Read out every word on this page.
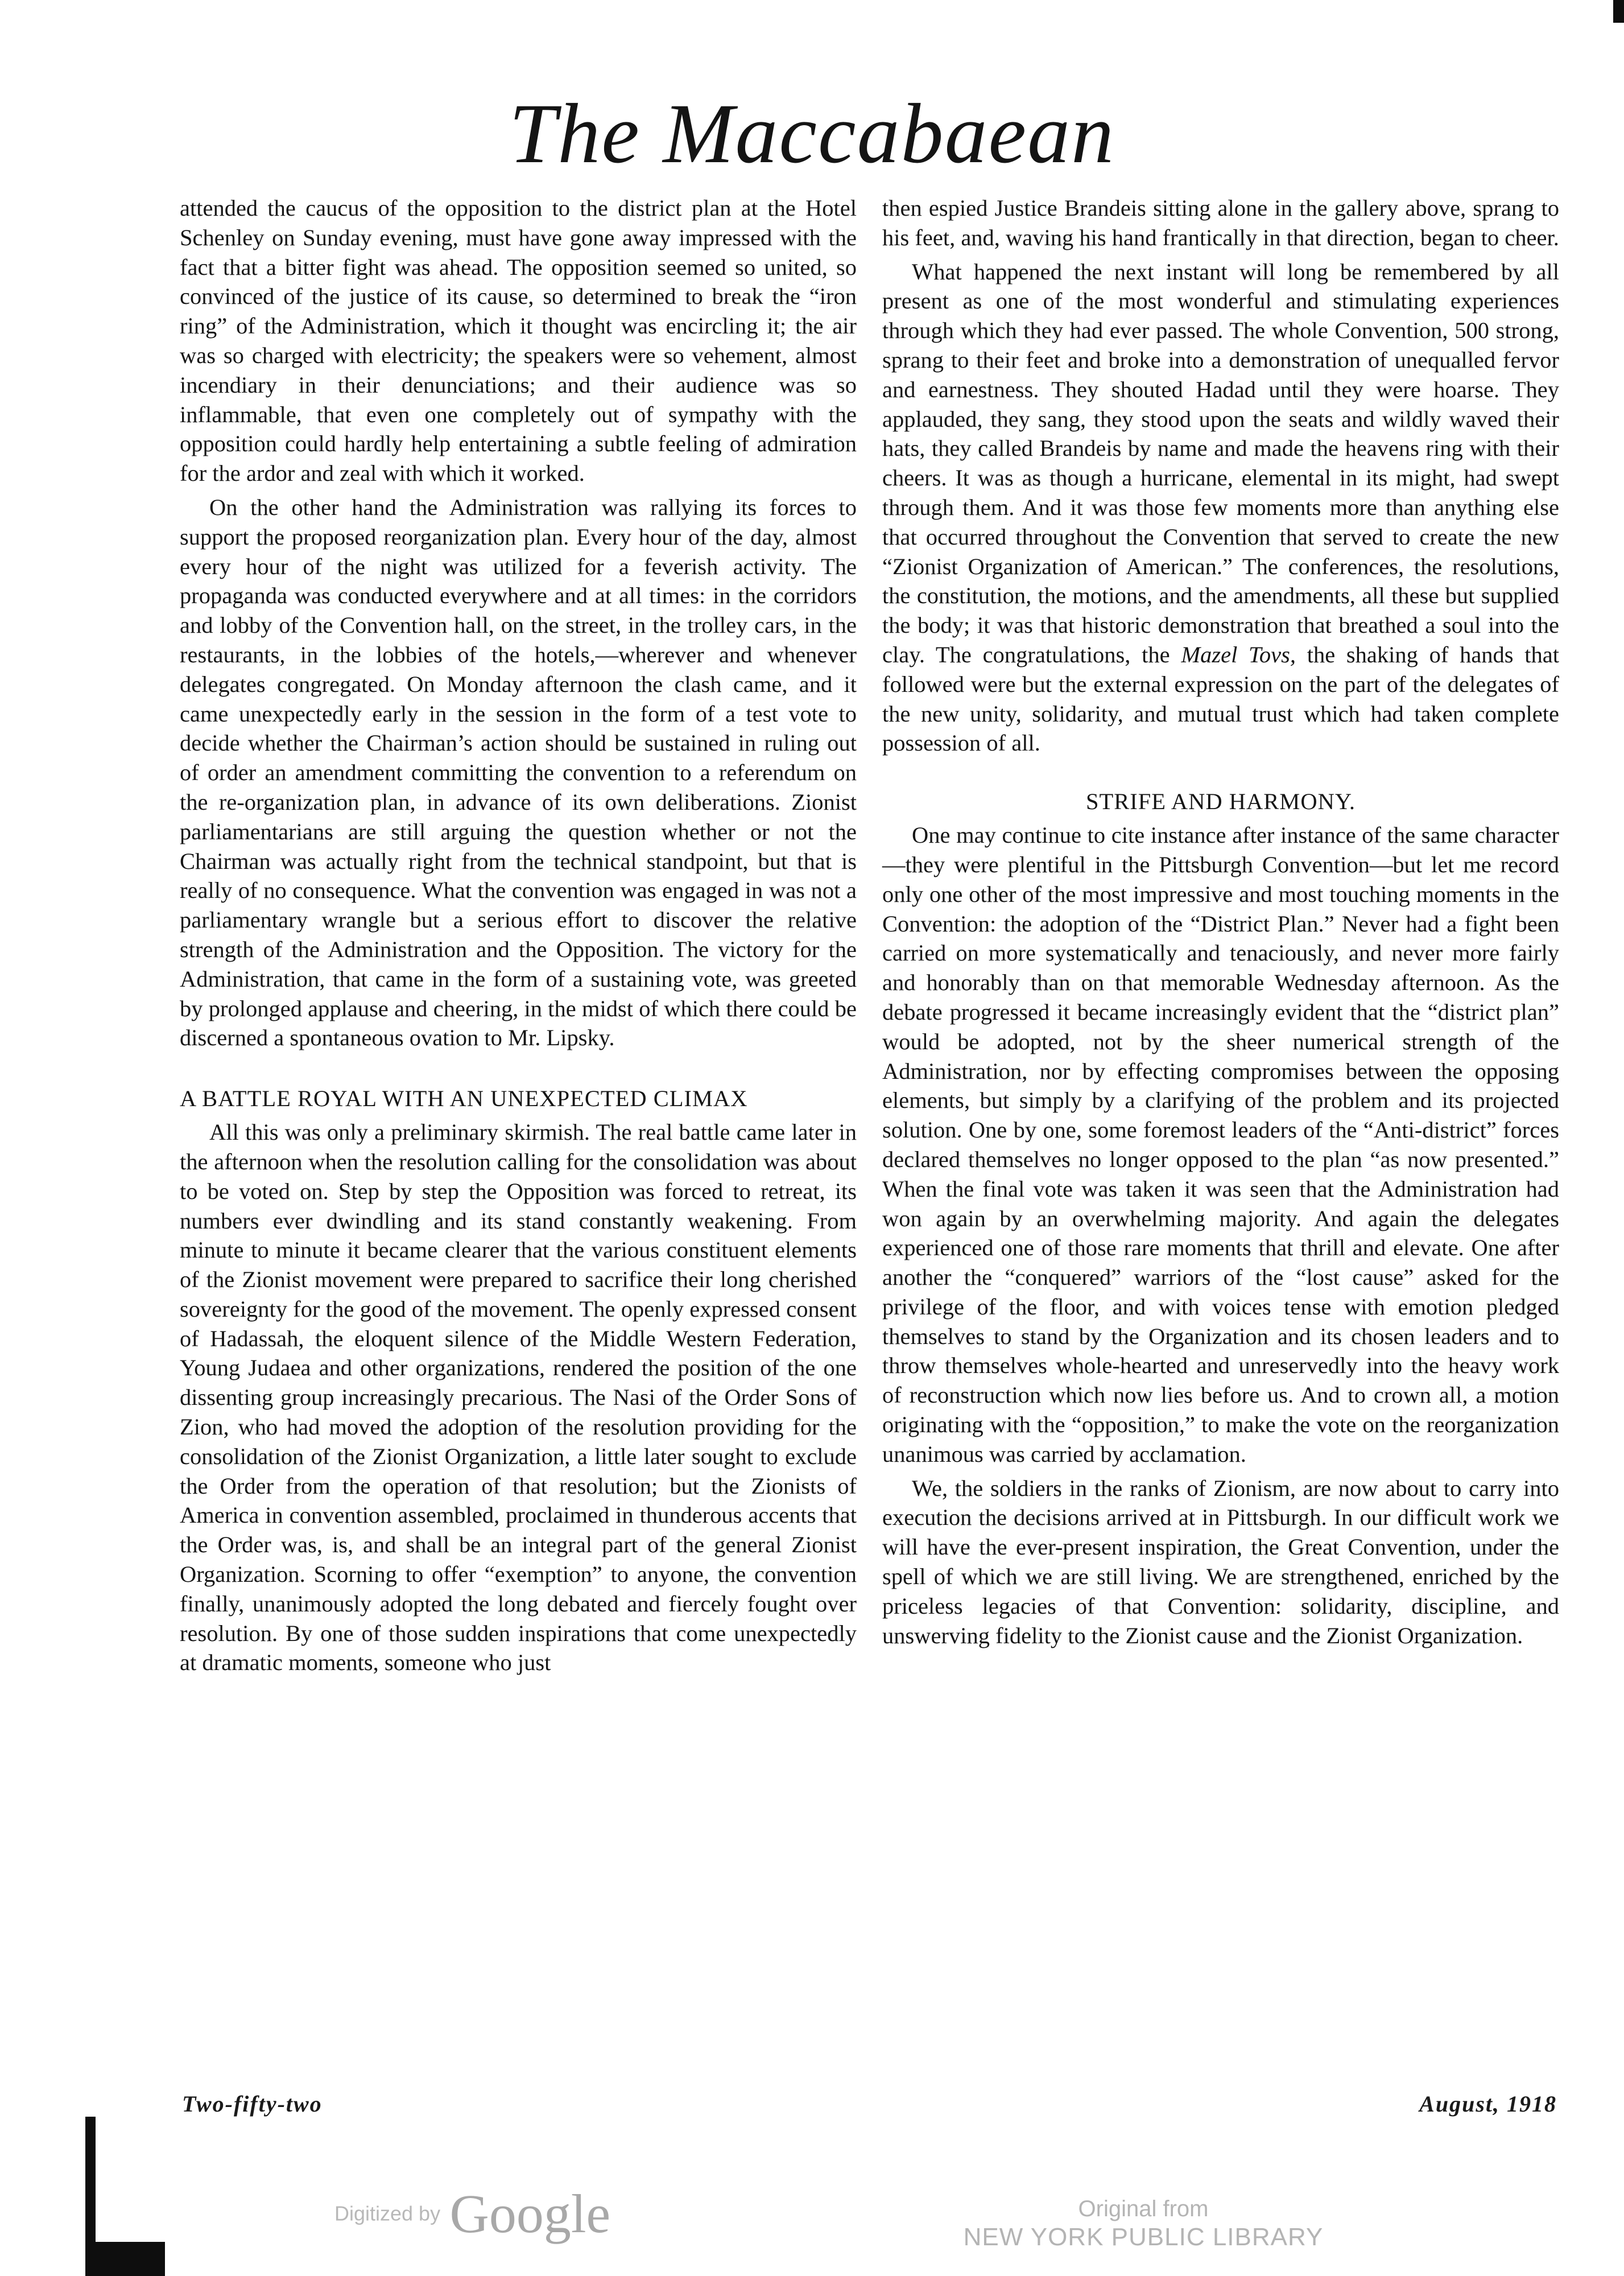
The Maccabaean

attended the caucus of the opposition to the district plan at the Hotel Schenley on Sunday evening, must have gone away impressed with the fact that a bitter fight was ahead. The opposition seemed so united, so convinced of the justice of its cause, so determined to break the “iron ring” of the Administration, which it thought was encircling it; the air was so charged with electricity; the speakers were so vehement, almost incendiary in their denunciations; and their audience was so inflammable, that even one completely out of sympathy with the opposition could hardly help entertaining a subtle feeling of admiration for the ardor and zeal with which it worked.

On the other hand the Administration was rallying its forces to support the proposed reorganization plan. Every hour of the day, almost every hour of the night was utilized for a feverish activity. The propaganda was conducted everywhere and at all times: in the corridors and lobby of the Convention hall, on the street, in the trolley cars, in the restaurants, in the lobbies of the hotels,—wherever and whenever delegates congregated. On Monday afternoon the clash came, and it came unexpectedly early in the session in the form of a test vote to decide whether the Chairman’s action should be sustained in ruling out of order an amendment committing the convention to a referendum on the re-organization plan, in advance of its own deliberations. Zionist parliamentarians are still arguing the question whether or not the Chairman was actually right from the technical standpoint, but that is really of no consequence. What the convention was engaged in was not a parliamentary wrangle but a serious effort to discover the relative strength of the Administration and the Opposition. The victory for the Administration, that came in the form of a sustaining vote, was greeted by prolonged applause and cheering, in the midst of which there could be discerned a spontaneous ovation to Mr. Lipsky.

A BATTLE ROYAL WITH AN UNEXPECTED CLIMAX

All this was only a preliminary skirmish. The real battle came later in the afternoon when the resolution calling for the consolidation was about to be voted on. Step by step the Opposition was forced to retreat, its numbers ever dwindling and its stand constantly weakening. From minute to minute it became clearer that the various constituent elements of the Zionist movement were prepared to sacrifice their long cherished sovereignty for the good of the movement. The openly expressed consent of Hadassah, the eloquent silence of the Middle Western Federation, Young Judaea and other organizations, rendered the position of the one dissenting group increasingly precarious. The Nasi of the Order Sons of Zion, who had moved the adoption of the resolution providing for the consolidation of the Zionist Organization, a little later sought to exclude the Order from the operation of that resolution; but the Zionists of America in convention assembled, proclaimed in thunderous accents that the Order was, is, and shall be an integral part of the general Zionist Organization. Scorning to offer “exemption” to anyone, the convention finally, unanimously adopted the long debated and fiercely fought over resolution. By one of those sudden inspirations that come unexpectedly at dramatic moments, someone who just

then espied Justice Brandeis sitting alone in the gallery above, sprang to his feet, and, waving his hand frantically in that direction, began to cheer.

What happened the next instant will long be remembered by all present as one of the most wonderful and stimulating experiences through which they had ever passed. The whole Convention, 500 strong, sprang to their feet and broke into a demonstration of unequalled fervor and earnestness. They shouted Hadad until they were hoarse. They applauded, they sang, they stood upon the seats and wildly waved their hats, they called Brandeis by name and made the heavens ring with their cheers. It was as though a hurricane, elemental in its might, had swept through them. And it was those few moments more than anything else that occurred throughout the Convention that served to create the new “Zionist Organization of American.” The conferences, the resolutions, the constitution, the motions, and the amendments, all these but supplied the body; it was that historic demonstration that breathed a soul into the clay. The congratulations, the Mazel Tovs, the shaking of hands that followed were but the external expression on the part of the delegates of the new unity, solidarity, and mutual trust which had taken complete possession of all.

STRIFE AND HARMONY.

One may continue to cite instance after instance of the same character—they were plentiful in the Pittsburgh Convention—but let me record only one other of the most impressive and most touching moments in the Convention: the adoption of the “District Plan.” Never had a fight been carried on more systematically and tenaciously, and never more fairly and honorably than on that memorable Wednesday afternoon. As the debate progressed it became increasingly evident that the “district plan” would be adopted, not by the sheer numerical strength of the Administration, nor by effecting compromises between the opposing elements, but simply by a clarifying of the problem and its projected solution. One by one, some foremost leaders of the “Anti-district” forces declared themselves no longer opposed to the plan “as now presented.” When the final vote was taken it was seen that the Administration had won again by an overwhelming majority. And again the delegates experienced one of those rare moments that thrill and elevate. One after another the “conquered” warriors of the “lost cause” asked for the privilege of the floor, and with voices tense with emotion pledged themselves to stand by the Organization and its chosen leaders and to throw themselves whole-hearted and unreservedly into the heavy work of reconstruction which now lies before us. And to crown all, a motion originating with the “opposition,” to make the vote on the reorganization unanimous was carried by acclamation.

We, the soldiers in the ranks of Zionism, are now about to carry into execution the decisions arrived at in Pittsburgh. In our difficult work we will have the ever-present inspiration, the Great Convention, under the spell of which we are still living. We are strengthened, enriched by the priceless legacies of that Convention: solidarity, discipline, and unswerving fidelity to the Zionist cause and the Zionist Organization.

Two-fifty-two	August, 1918
Digitized by Google	Original from
NEW YORK PUBLIC LIBRARY
